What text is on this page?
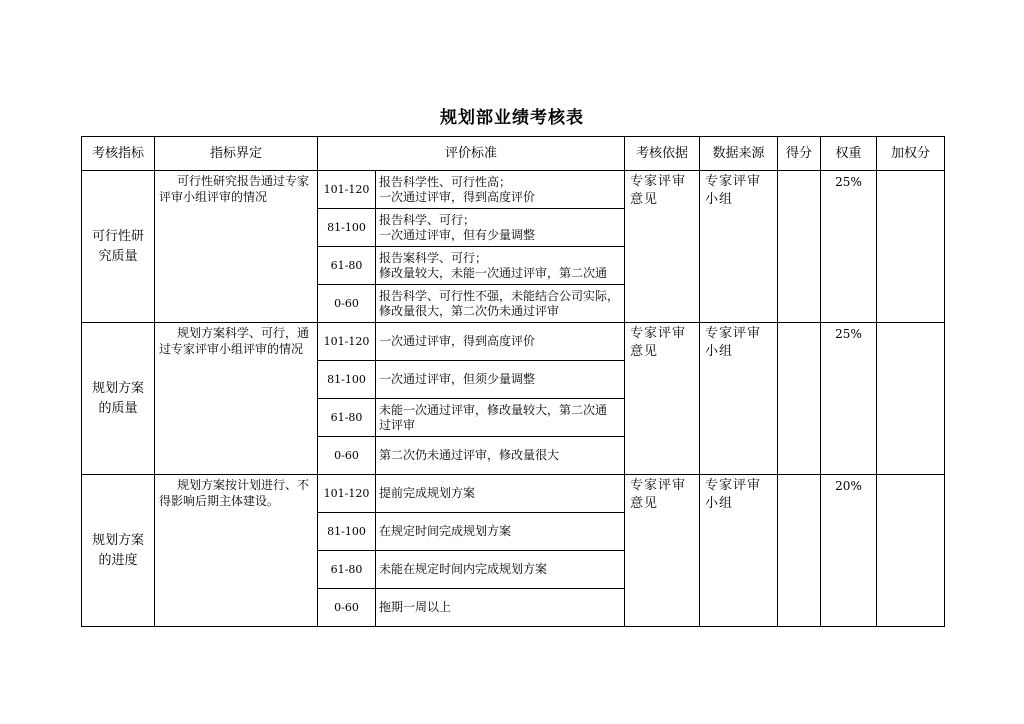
规划部业绩考核表
考核指标	指标界定	评价标准		考核依据	数据来源	得分	权重	加权分
可行性研究质量	可行性研究报告通过专家评审小组评审的情况	101-120	报告科学性、可行性高；
一次通过评审，得到高度评价	专家评审意见	专家评审小组		25%	
		81-100	报告科学、可行；
一次通过评审，但有少量调整					
		61-80	报告案科学、可行；
修改量较大，未能一次通过评审，第二次通					
		0-60	报告科学、可行性不强，未能结合公司实际，
修改量很大，第二次仍未通过评审					
规划方案的质量	规划方案科学、可行，通过专家评审小组评审的情况	101-120	一次通过评审，得到高度评价	专家评审意见	专家评审小组		25%	
		81-100	一次通过评审，但须少量调整					
		61-80	未能一次通过评审，修改量较大，第二次通
过评审					
		0-60	第二次仍未通过评审，修改量很大					
规划方案的进度	规划方案按计划进行、不得影响后期主体建设。	101-120	提前完成规划方案	专家评审意见	专家评审小组		20%	
		81-100	在规定时间完成规划方案					
		61-80	未能在规定时间内完成规划方案					
		0-60	拖期一周以上					
